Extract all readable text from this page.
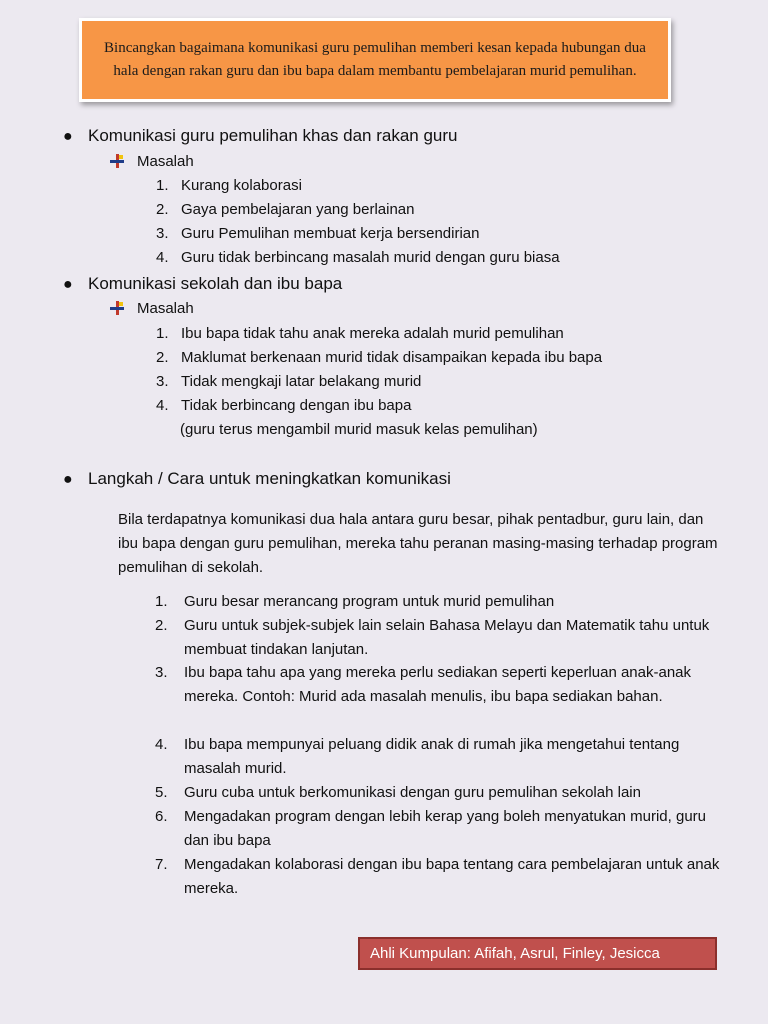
Bincangkan bagaimana komunikasi guru pemulihan memberi kesan kepada hubungan dua hala dengan rakan guru dan ibu bapa dalam membantu pembelajaran murid pemulihan.
● Komunikasi guru pemulihan khas dan rakan guru
Masalah
1. Kurang kolaborasi
2. Gaya pembelajaran yang berlainan
3. Guru Pemulihan membuat kerja bersendirian
4. Guru tidak berbincang masalah murid dengan guru biasa
● Komunikasi sekolah dan ibu bapa
Masalah
1. Ibu bapa tidak tahu anak mereka adalah murid pemulihan
2. Maklumat berkenaan murid tidak disampaikan kepada ibu bapa
3. Tidak mengkaji latar belakang murid
4. Tidak berbincang dengan ibu bapa
(guru terus mengambil murid masuk kelas pemulihan)
● Langkah / Cara untuk meningkatkan komunikasi
Bila terdapatnya komunikasi dua hala antara guru besar, pihak pentadbur, guru lain, dan ibu bapa dengan guru pemulihan, mereka tahu peranan masing-masing terhadap program pemulihan di sekolah.
1.	Guru besar merancang program untuk murid pemulihan
2.	Guru untuk subjek-subjek lain selain Bahasa Melayu dan Matematik tahu untuk membuat tindakan lanjutan.
3.	Ibu bapa tahu apa yang mereka perlu sediakan seperti keperluan anak-anak mereka. Contoh: Murid ada masalah menulis, ibu bapa sediakan bahan.
4.	Ibu bapa mempunyai peluang didik anak di rumah jika mengetahui tentang masalah murid.
5.	Guru cuba untuk berkomunikasi dengan guru pemulihan sekolah lain
6.	Mengadakan program dengan lebih kerap yang boleh menyatukan murid, guru dan ibu bapa
7.	Mengadakan kolaborasi dengan ibu bapa tentang cara pembelajaran untuk anak mereka.
Ahli Kumpulan: Afifah, Asrul, Finley, Jesicca
